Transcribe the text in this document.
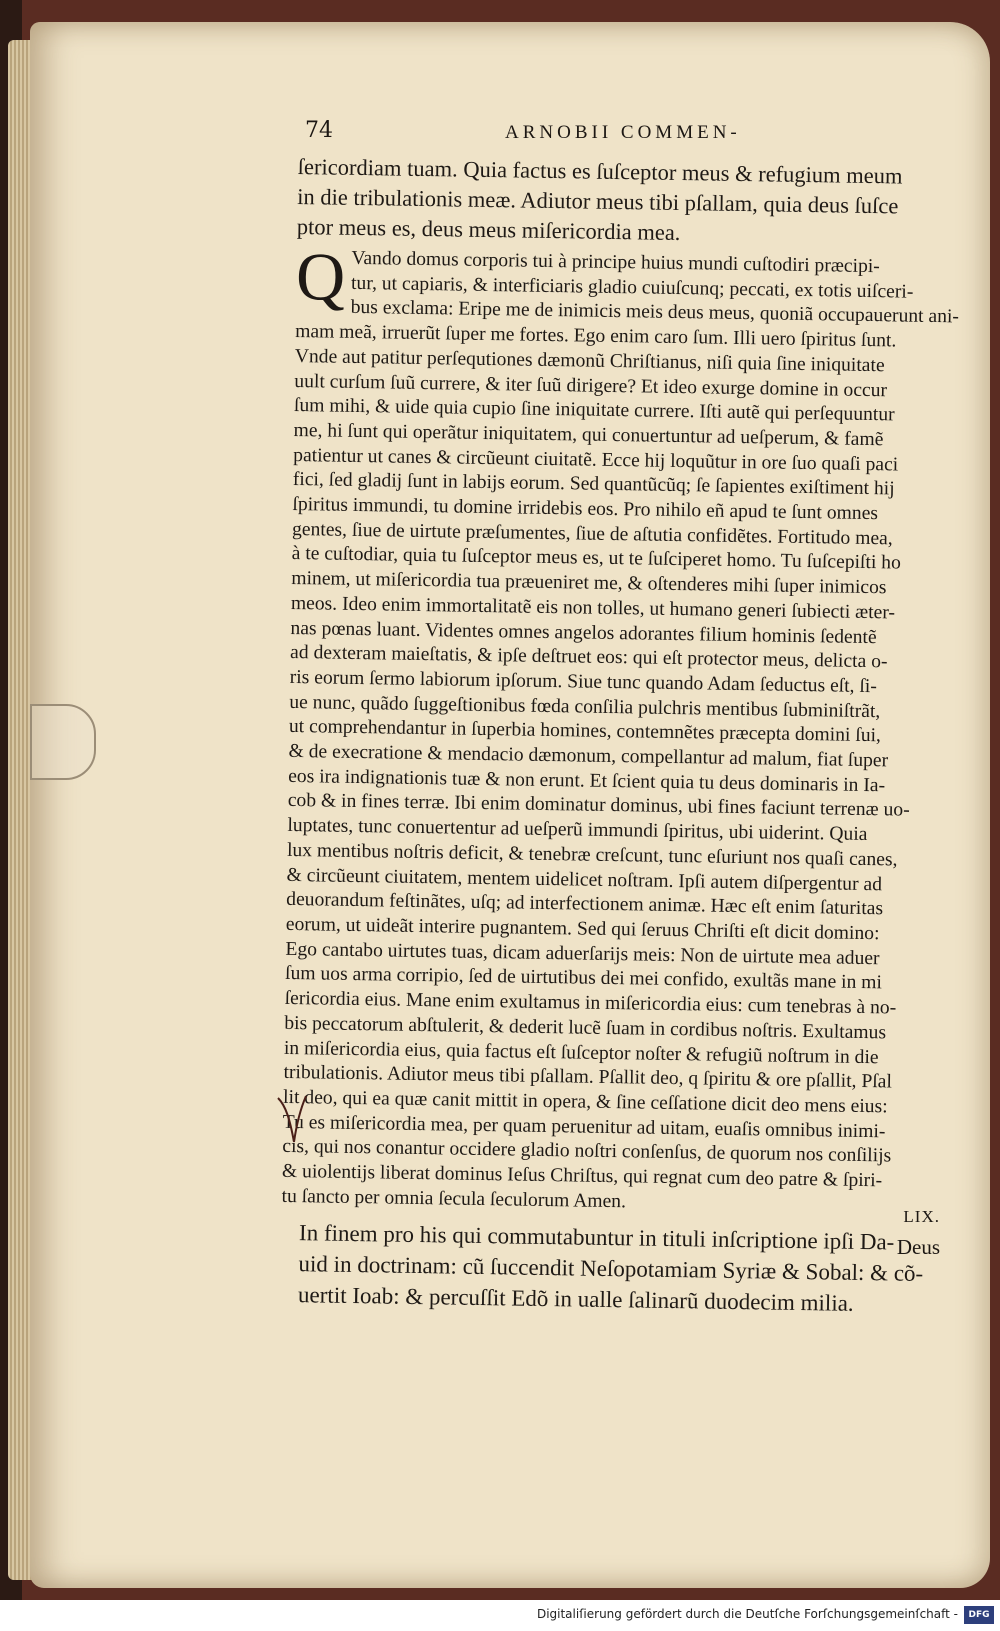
74	ARNOBII COMMEN-
ſericordiam tuam. Quia factus es ſuſceptor meus & refugium meum
in die tribulationis meæ. Adiutor meus tibi pſallam, quia deus ſuſce
ptor meus es, deus meus miſericordia mea.
Q Vando domus corporis tui à principe huius mundi cuſtodiri præcipi-
tur, ut capiaris, & interficiaris gladio cuiuſcunq; peccati, ex totis uiſceri-
bus exclama: Eripe me de inimicis meis deus meus, quoniã occupauerunt ani-
mam meã, irruerũt ſuper me fortes. Ego enim caro ſum. Illi uero ſpiritus ſunt.
Vnde aut patitur perſequtiones dæmonũ Chriſtianus, niſi quia ſine iniquitate
uult curſum ſuũ currere, & iter ſuũ dirigere? Et ideo exurge domine in occur
ſum mihi, & uide quia cupio ſine iniquitate currere. Iſti autẽ qui perſequuntur
me, hi ſunt qui operãtur iniquitatem, qui conuertuntur ad ueſperum, & famẽ
patientur ut canes & circũeunt ciuitatẽ. Ecce hij loquũtur in ore ſuo quaſi paci
fici, ſed gladij ſunt in labijs eorum. Sed quantũcũq; ſe ſapientes exiſtiment hij
ſpiritus immundi, tu domine irridebis eos. Pro nihilo eñ apud te ſunt omnes
gentes, ſiue de uirtute præſumentes, ſiue de aſtutia confidẽtes. Fortitudo mea,
à te cuſtodiar, quia tu ſuſceptor meus es, ut te ſuſciperet homo. Tu ſuſcepiſti ho
minem, ut miſericordia tua præueniret me, & oſtenderes mihi ſuper inimicos
meos. Ideo enim immortalitatẽ eis non tolles, ut humano generi ſubiecti æter-
nas pœnas luant. Videntes omnes angelos adorantes filium hominis ſedentẽ
ad dexteram maieſtatis, & ipſe deſtruet eos: qui eſt protector meus, delicta o-
ris eorum ſermo labiorum ipſorum. Siue tunc quando Adam ſeductus eſt, ſi-
ue nunc, quãdo ſuggeſtionibus fœda conſilia pulchris mentibus ſubminiſtrãt,
ut comprehendantur in ſuperbia homines, contemnẽtes præcepta domini ſui,
& de execratione & mendacio dæmonum, compellantur ad malum, fiat ſuper
eos ira indignationis tuæ & non erunt. Et ſcient quia tu deus dominaris in Ia-
cob & in fines terræ. Ibi enim dominatur dominus, ubi fines faciunt terrenæ uo-
luptates, tunc conuertentur ad ueſperũ immundi ſpiritus, ubi uiderint. Quia
lux mentibus noſtris deficit, & tenebræ creſcunt, tunc eſuriunt nos quaſi canes,
& circũeunt ciuitatem, mentem uidelicet noſtram. Ipſi autem diſpergentur ad
deuorandum feſtinãtes, uſq; ad interfectionem animæ. Hæc eſt enim ſaturitas
eorum, ut uideãt interire pugnantem. Sed qui ſeruus Chriſti eſt dicit domino:
Ego cantabo uirtutes tuas, dicam aduerſarijs meis: Non de uirtute mea aduer
ſum uos arma corripio, ſed de uirtutibus dei mei confido, exultãs mane in mi
ſericordia eius. Mane enim exultamus in miſericordia eius: cum tenebras à no-
bis peccatorum abſtulerit, & dederit lucẽ ſuam in cordibus noſtris. Exultamus
in miſericordia eius, quia factus eſt ſuſceptor noſter & refugiũ noſtrum in die
tribulationis. Adiutor meus tibi pſallam. Pſallit deo, q ſpiritu & ore pſallit, Pſal
lit deo, qui ea quæ canit mittit in opera, & ſine ceſſatione dicit deo mens eius:
Tu es miſericordia mea, per quam peruenitur ad uitam, euaſis omnibus inimi-
cis, qui nos conantur occidere gladio noſtri conſenſus, de quorum nos conſilijs
& uiolentijs liberat dominus Ieſus Chriſtus, qui regnat cum deo patre & ſpiri-
tu ſancto per omnia ſecula ſeculorum Amen.
In finem pro his qui commutabuntur in tituli inſcriptione ipſi Da-
uid in doctrinam: cũ ſuccendit Neſopotamiam Syriæ & Sobal: & cõ-
uertit Ioab: & percuſſit Edõ in ualle ſalinarũ duodecim milia.
LIX.
Deus
Digitaliſierung gefördert durch die Deutſche Forſchungsgemeinſchaft -	DFG
